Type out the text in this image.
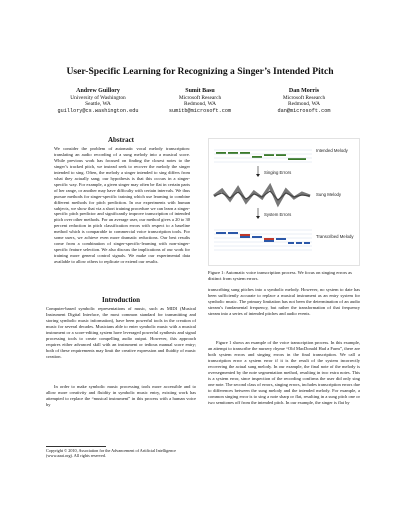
User-Specific Learning for Recognizing a Singer’s Intended Pitch
Andrew Guillory
University of Washington
Seattle, WA
guillory@cs.washington.edu
Sumit Basu
Microsoft Research
Redmond, WA
sumitb@microsoft.com
Dan Morris
Microsoft Research
Redmond, WA
dan@microsoft.com
Abstract
We consider the problem of automatic vocal melody transcription: translating an audio recording of a sung melody into a musical score. While previous work has focused on finding the closest notes to the singer’s tracked pitch, we instead seek to recover the melody the singer intended to sing. Often, the melody a singer intended to sing differs from what they actually sang; our hypothesis is that this occurs in a singer-specific way. For example, a given singer may often be flat in certain parts of her range, or another may have difficulty with certain intervals. We thus pursue methods for singer-specific training which use learning to combine different methods for pitch prediction. In our experiments with human subjects, we show that via a short training procedure we can learn a singer-specific pitch predictor and significantly improve transcription of intended pitch over other methods. For an average user, our method gives a 20 to 30 percent reduction in pitch classification errors with respect to a baseline method which is comparable to commercial voice transcription tools. For some users, we achieve even more dramatic reductions. Our best results come from a combination of singer-specific-learning with non-singer-specific feature selection. We also discuss the implications of our work for training more general control signals. We make our experimental data available to allow others to replicate or extend our results.
Introduction
Computer-based symbolic representations of music, such as MIDI (Musical Instrument Digital Interface, the most common standard for transmitting and storing symbolic music information), have been powerful tools in the creation of music for several decades. Musicians able to enter symbolic music with a musical instrument or a score-editing system have leveraged powerful synthesis and signal processing tools to create compelling audio output. However, this approach requires either advanced skill with an instrument or tedious manual score entry; both of these requirements may limit the creative expression and fluidity of music creation.
In order to make symbolic music processing tools more accessible and to allow more creativity and fluidity in symbolic music entry, existing work has attempted to replace the “musical instrument” in this process with a human voice by
Copyright © 2010, Association for the Advancement of Artificial Intelligence (www.aaai.org). All rights reserved.
Intended Melody
Singing Errors
Sung Melody
System Errors
Transcribed Melody
Figure 1: Automatic voice transcription process. We focus on singing errors as distinct from system errors.
transcribing sung pitches into a symbolic melody. However, no system to date has been sufficiently accurate to replace a musical instrument as an entry system for symbolic music. The primary limitation has not been the determination of an audio stream’s fundamental frequency, but rather the transformation of that frequency stream into a series of intended pitches and audio events.
Figure 1 shows an example of the voice transcription process. In this example, an attempt to transcribe the nursery rhyme “Old MacDonald Had a Farm”, there are both system errors and singing errors in the final transcription. We call a transcription error a system error if it is the result of the system incorrectly recovering the actual sung melody. In our example, the final note of the melody is oversegmented by the note segmentation method, resulting in two extra notes. This is a system error, since inspection of the recording confirms the user did only sing one note. The second class of errors, singing errors, includes transcription errors due to differences between the sung melody and the intended melody. For example, a common singing error is to sing a note sharp or flat, resulting in a sung pitch one or two semitones off from the intended pitch. In our example, the singer is flat by
